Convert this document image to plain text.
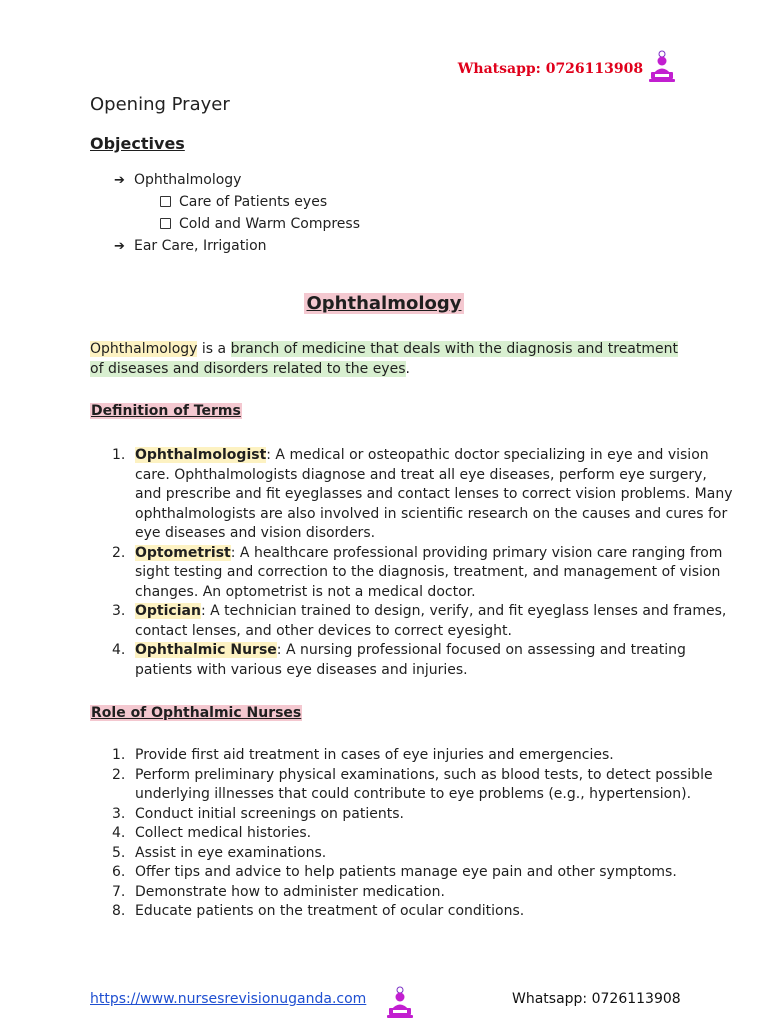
Whatsapp: 0726113908
Opening Prayer
Objectives
➔ Ophthalmology
Care of Patients eyes
Cold and Warm Compress
➔ Ear Care, Irrigation
Ophthalmology
Ophthalmology is a branch of medicine that deals with the diagnosis and treatment of diseases and disorders related to the eyes.
Definition of Terms
Ophthalmologist: A medical or osteopathic doctor specializing in eye and vision care. Ophthalmologists diagnose and treat all eye diseases, perform eye surgery, and prescribe and fit eyeglasses and contact lenses to correct vision problems. Many ophthalmologists are also involved in scientific research on the causes and cures for eye diseases and vision disorders.
Optometrist: A healthcare professional providing primary vision care ranging from sight testing and correction to the diagnosis, treatment, and management of vision changes. An optometrist is not a medical doctor.
Optician: A technician trained to design, verify, and fit eyeglass lenses and frames, contact lenses, and other devices to correct eyesight.
Ophthalmic Nurse: A nursing professional focused on assessing and treating patients with various eye diseases and injuries.
Role of Ophthalmic Nurses
Provide first aid treatment in cases of eye injuries and emergencies.
Perform preliminary physical examinations, such as blood tests, to detect possible underlying illnesses that could contribute to eye problems (e.g., hypertension).
Conduct initial screenings on patients.
Collect medical histories.
Assist in eye examinations.
Offer tips and advice to help patients manage eye pain and other symptoms.
Demonstrate how to administer medication.
Educate patients on the treatment of ocular conditions.
https://www.nursesrevisionuganda.com	Whatsapp: 0726113908
